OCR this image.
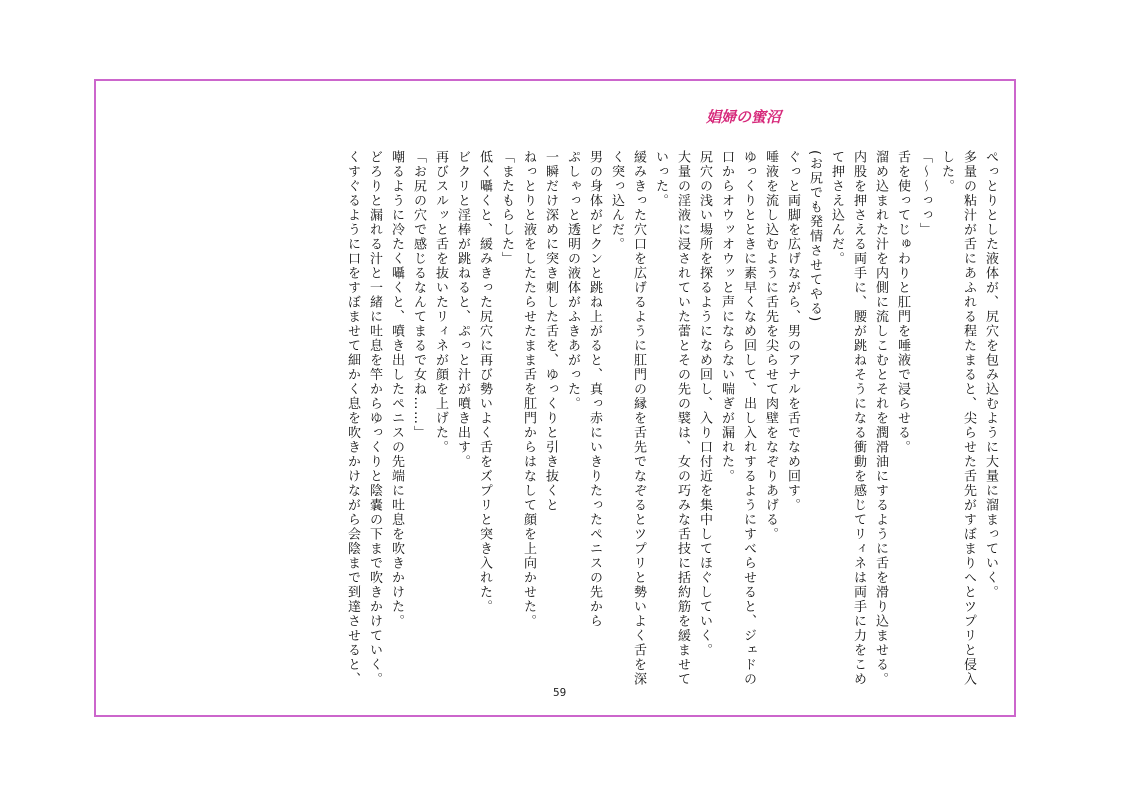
娼婦の蜜沼

ぺっとりとした液体が、尻穴を包み込むように大量に溜まっていく。

多量の粘汁が舌にあふれる程たまると、尖らせた舌先がすぼまりへとツプリと侵入

した。

「〜〜っっ」

舌を使ってじゅわりと肛門を唾液で浸らせる。

溜め込まれた汁を内側に流しこむとそれを潤滑油にするように舌を滑り込ませる。

内股を押さえる両手に、腰が跳ねそうになる衝動を感じてリィネは両手に力をこめ

て押さえ込んだ。

(お尻でも発情させてやる)

ぐっと両脚を広げながら、男のアナルを舌でなめ回す。

唾液を流し込むように舌先を尖らせて肉壁をなぞりあげる。

ゆっくりとときに素早くなめ回して、出し入れするようにすべらせると、ジェドの

口からオウッオウッと声にならない喘ぎが漏れた。

尻穴の浅い場所を探るようになめ回し、入り口付近を集中してほぐしていく。

大量の淫液に浸されていた蕾とその先の襞は、女の巧みな舌技に括約筋を緩ませて

いった。

緩みきった穴口を広げるように肛門の縁を舌先でなぞるとツプリと勢いよく舌を深

く突っ込んだ。

男の身体がビクンと跳ね上がると、真っ赤にいきりたったペニスの先から

ぷしゃっと透明の液体がふきあがった。

一瞬だけ深めに突き刺した舌を、ゆっくりと引き抜くと

ねっとりと液をしたたらせたまま舌を肛門からはなして顔を上向かせた。

「またもらした」

低く囁くと、緩みきった尻穴に再び勢いよく舌をズプリと突き入れた。

ビクリと淫棒が跳ねると、ぷっと汁が噴き出す。

再びスルッと舌を抜いたリィネが顔を上げた。

「お尻の穴で感じるなんてまるで女ね……」

嘲るように冷たく囁くと、噴き出したペニスの先端に吐息を吹きかけた。

どろりと漏れる汁と一緒に吐息を竿からゆっくりと陰嚢の下まで吹きかけていく。

くすぐるように口をすぼませて細かく息を吹きかけながら会陰まで到達させると、

59
